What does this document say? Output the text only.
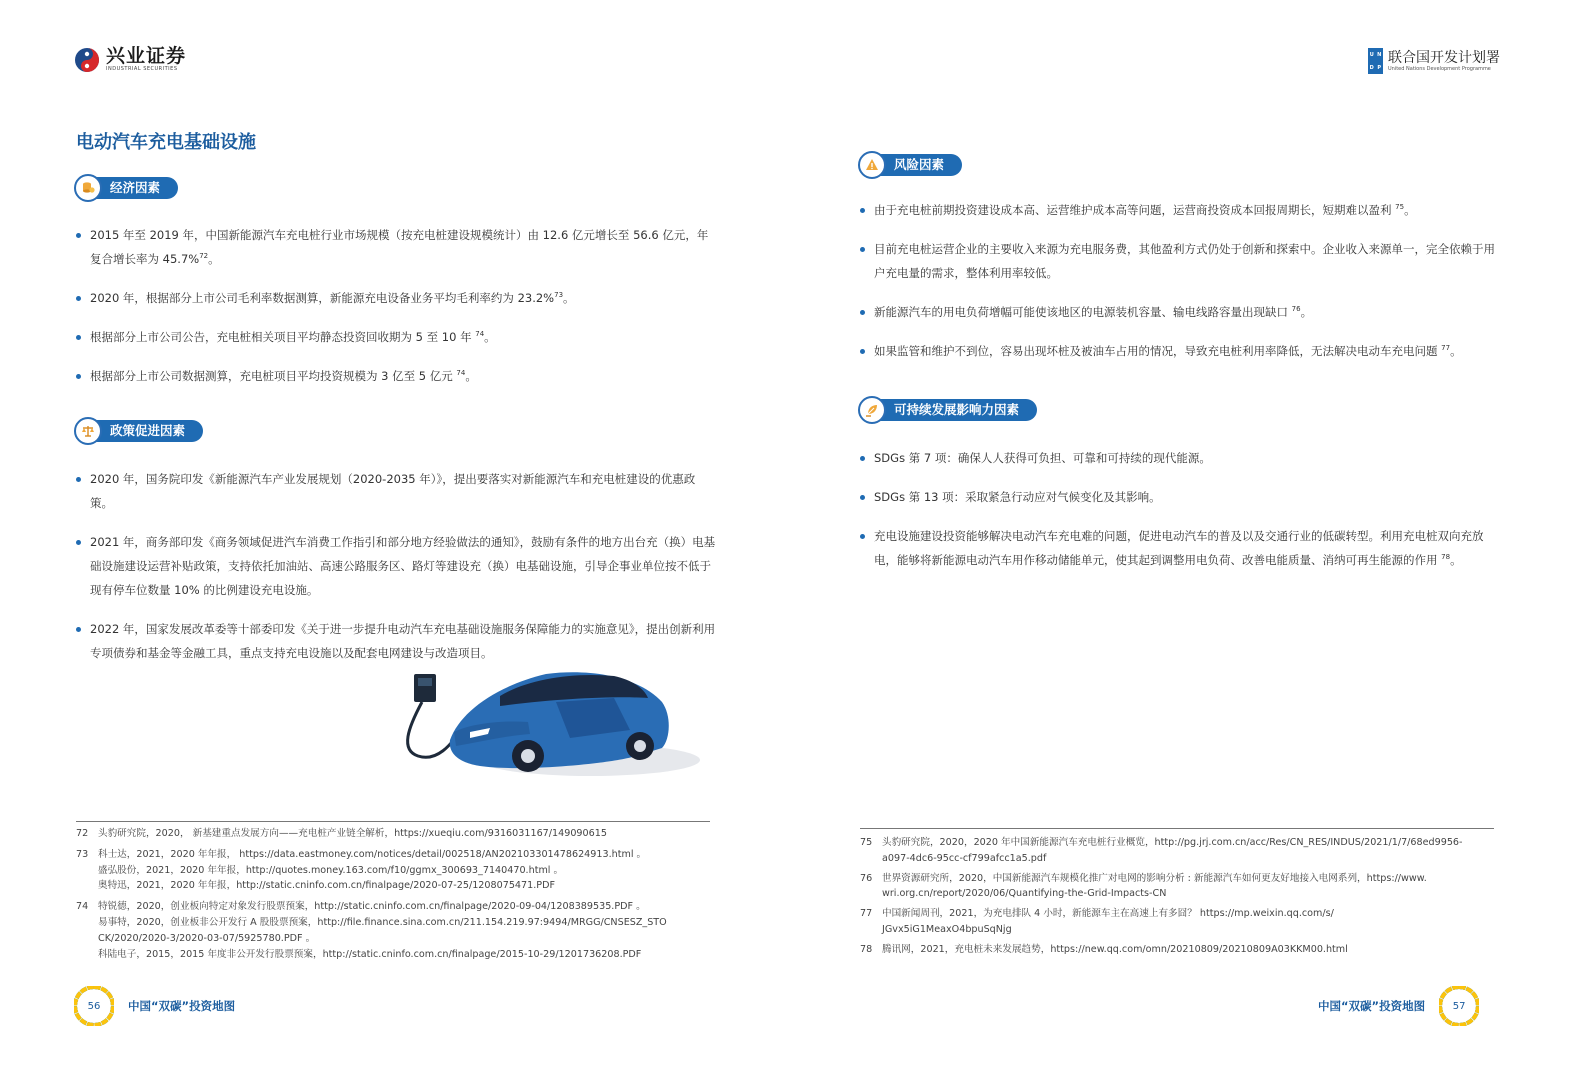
兴业证券
INDUSTRIAL SECURITIES
U N
D P
联合国开发计划署
United Nations Development Programme
电动汽车充电基础设施
经济因素
2015 年至 2019 年，中国新能源汽车充电桩行业市场规模（按充电桩建设规模统计）由 12.6 亿元增长至 56.6 亿元，年复合增长率为 45.7%$^{72}$。
2020 年，根据部分上市公司毛利率数据测算，新能源充电设备业务平均毛利率约为 23.2%$^{73}$。
根据部分上市公司公告，充电桩相关项目平均静态投资回收期为 5 至 10 年 $^{74}$。
根据部分上市公司数据测算，充电桩项目平均投资规模为 3 亿至 5 亿元 $^{74}$。
政策促进因素
2020 年，国务院印发《新能源汽车产业发展规划（2020-2035 年）》，提出要落实对新能源汽车和充电桩建设的优惠政策。
2021 年，商务部印发《商务领域促进汽车消费工作指引和部分地方经验做法的通知》，鼓励有条件的地方出台充（换）电基础设施建设运营补贴政策，支持依托加油站、高速公路服务区、路灯等建设充（换）电基础设施，引导企事业单位按不低于现有停车位数量 10% 的比例建设充电设施。
2022 年，国家发展改革委等十部委印发《关于进一步提升电动汽车充电基础设施服务保障能力的实施意见》，提出创新利用专项债券和基金等金融工具，重点支持充电设施以及配套电网建设与改造项目。
72	头豹研究院，2020， 新基建重点发展方向——充电桩产业链全解析，https://xueqiu.com/9316031167/149090615
73	科士达，2021，2020 年年报， https://data.eastmoney.com/notices/detail/002518/AN202103301478624913.html 。
盛弘股份，2021，2020 年年报，http://quotes.money.163.com/f10/ggmx_300693_7140470.html 。
奥特迅，2021，2020 年年报，http://static.cninfo.com.cn/finalpage/2020-07-25/1208075471.PDF
74	特锐德，2020，创业板向特定对象发行股票预案，http://static.cninfo.com.cn/finalpage/2020-09-04/1208389535.PDF 。
易事特，2020，创业板非公开发行 A 股股票预案，http://file.finance.sina.com.cn/211.154.219.97:9494/MRGG/CNSESZ_STO
CK/2020/2020-3/2020-03-07/5925780.PDF 。
科陆电子，2015，2015 年度非公开发行股票预案，http://static.cninfo.com.cn/finalpage/2015-10-29/1201736208.PDF
56	中国“双碳”投资地图
风险因素
由于充电桩前期投资建设成本高、运营维护成本高等问题，运营商投资成本回报周期长，短期难以盈利 $^{75}$。
目前充电桩运营企业的主要收入来源为充电服务费，其他盈利方式仍处于创新和探索中。企业收入来源单一，完全依赖于用户充电量的需求，整体利用率较低。
新能源汽车的用电负荷增幅可能使该地区的电源装机容量、输电线路容量出现缺口 $^{76}$。
如果监管和维护不到位，容易出现坏桩及被油车占用的情况，导致充电桩利用率降低，无法解决电动车充电问题 $^{77}$。
可持续发展影响力因素
SDGs 第 7 项：确保人人获得可负担、可靠和可持续的现代能源。
SDGs 第 13 项：采取紧急行动应对气候变化及其影响。
充电设施建设投资能够解决电动汽车充电难的问题，促进电动汽车的普及以及交通行业的低碳转型。利用充电桩双向充放电，能够将新能源电动汽车用作移动储能单元，使其起到调整用电负荷、改善电能质量、消纳可再生能源的作用 $^{78}$。
75	头豹研究院，2020，2020 年中国新能源汽车充电桩行业概览，http://pg.jrj.com.cn/acc/Res/CN_RES/INDUS/2021/1/7/68ed9956-
a097-4dc6-95cc-cf799afcc1a5.pdf
76	世界资源研究所，2020，中国新能源汽车规模化推广对电网的影响分析 : 新能源汽车如何更友好地接入电网系列，https://www.
wri.org.cn/report/2020/06/Quantifying-the-Grid-Impacts-CN
77	中国新闻周刊，2021，为充电排队 4 小时，新能源车主在高速上有多囧？ https://mp.weixin.qq.com/s/
JGvx5iG1MeaxO4bpuSqNjg
78	腾讯网，2021，充电桩未来发展趋势，https://new.qq.com/omn/20210809/20210809A03KKM00.html
中国“双碳”投资地图	57
